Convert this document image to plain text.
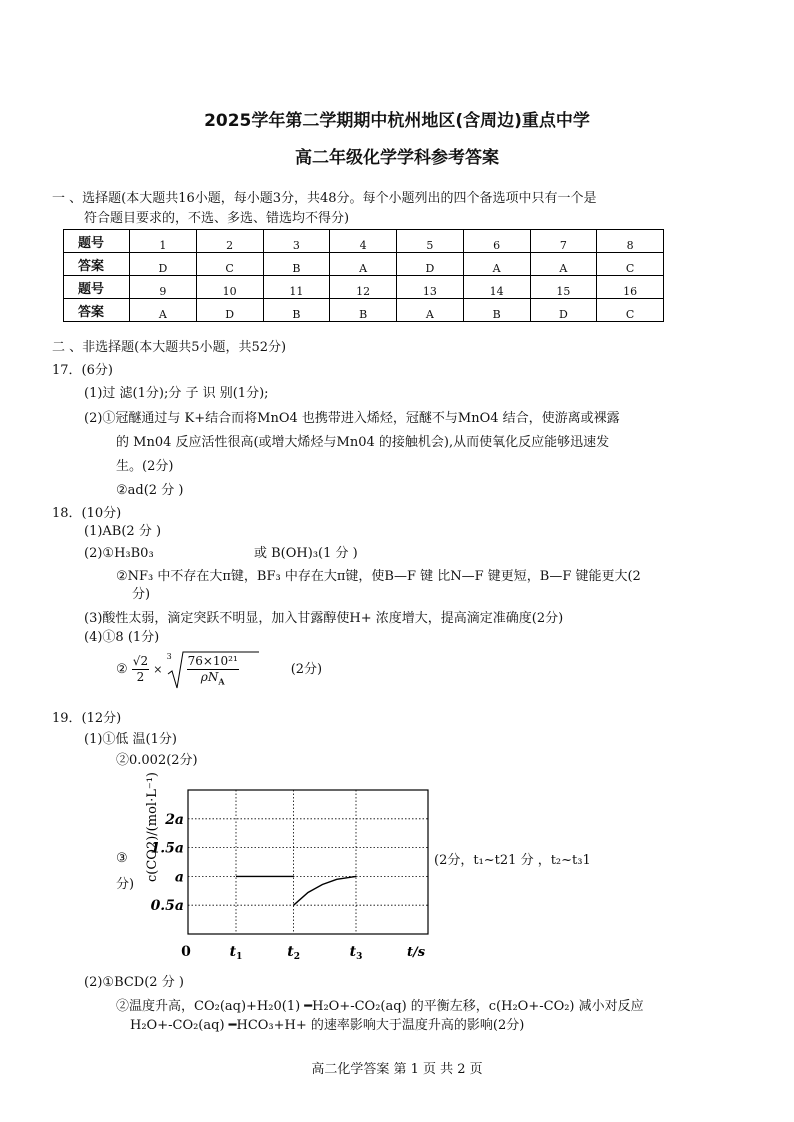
2025学年第二学期期中杭州地区(含周边)重点中学
高二年级化学学科参考答案
一 、选择题(本大题共16小题，每小题3分，共48分。每个小题列出的四个备选项中只有一个是
符合题目要求的，不选、多选、错选均不得分)
题号	1	2	3	4	5	6	7	8
答案	D	C	B	A	D	A	A	C
题号	9	10	11	12	13	14	15	16
答案	A	D	B	B	A	B	D	C
二 、非选择题(本大题共5小题，共52分)
17．(6分)
(1)过 滤(1分);分 子 识 别(1分);
(2)①冠醚通过与 K+结合而将MnO4 也携带进入烯烃，冠醚不与MnO4 结合，使游离或裸露
的 Mn04 反应活性很高(或增大烯烃与Mn04 的接触机会),从而使氧化反应能够迅速发
生。(2分)
②ad(2 分 )
18．(10分)
(1)AB(2 分 )
(2)①H₃B0₃	或 B(OH)₃(1 分 )
②NF₃ 中不存在大π键，BF₃ 中存在大π键，使B—F 键 比N—F 键更短，B—F 键能更大(2
分)
(3)酸性太弱，滴定突跃不明显，加入甘露醇使H+ 浓度增大，提高滴定准确度(2分)
(4)①8 (1分)
② $\frac{√2}{2}$ ×
3 76×10²¹
$\rho N_A$
(2分)
19．(12分)
(1)①低 温(1分)
②0.002(2分)
③
0.5a
a
1.5a
2a
0	$t_1$	$t_2$	$t_3$	t/s
c(CO2)/(mol·L⁻¹)	(2分，t₁~t21 分 ，t₂~t₃1
分)
(2)①BCD(2 分 )
②温度升高，CO₂(aq)+H₂0(1) ━H₂O+-CO₂(aq) 的平衡左移，c(H₂O+-CO₂) 减小对反应
H₂O+-CO₂(aq) ━HCO₃+H+ 的速率影响大于温度升高的影响(2分)
高二化学答案 第 1 页 共 2 页
